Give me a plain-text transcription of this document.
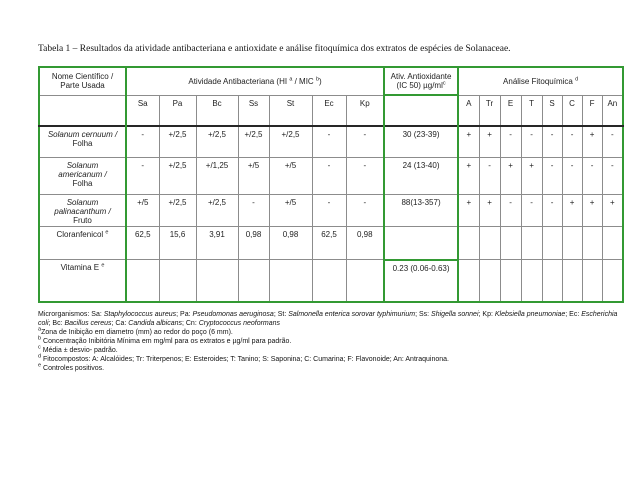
Tabela 1 – Resultados da atividade antibacteriana e antioxidate e análise fitoquímica dos extratos de espécies de Solanaceae.
Nome Científico /
Parte Usada	Atividade Antibacteriana (HI $^a$ / MIC $^b$)							Ativ. Antioxidante
(IC 50) $\mu g/ml^c$	Análise Fitoquímica $^d$
	Sa	Pa	Bc	Ss	St	Ec	Kp		A	Tr	E	T	S	C	F	An
Solanum cernuum /
Folha	-	+/2,5	+/2,5	+/2,5	+/2,5	-	-	30 (23-39)	+	+	-	-	-	-	+	-
Solanum
americanum /
Folha	-	+/2,5	+/1,25	+/5	+/5	-	-	24 (13-40)	+	-	+	+	-	-	-	-
Solanum
palinacanthum /
Fruto	+/5	+/2,5	+/2,5	-	+/5	-	-	88(13-357)	+	+	-	-	-	+	+	+
Cloranfenicol $^e$	62,5	15,6	3,91	0,98	0,98	62,5	0,98									
Vitamina E $^e$								0.23 (0.06-0.63)								
Microrganismos: Sa: Staphylococcus aureus; Pa: Pseudomonas aeruginosa; St: Salmonella enterica sorovar typhimurium; Ss: Shigella sonnei; Kp: Klebsiella pneumoniae; Ec: Escherichia coli; Bc: Bacillus cereus; Ca: Candida albicans; Cn: Cryptococcus neoformans
$^a$Zona de Inibição em diametro (mm) ao redor do poço (6 mm).
$^b$ Concentração Inibitória Mínima em mg/ml para os extratos e µg/ml para padrão.
$^c$ Média ± desvio- padrão.
$^d$ Fitocompostos: A: Alcalóides; Tr: Triterpenos; E: Esteroides; T: Tanino; S: Saponina; C: Cumarina; F: Flavonoide; An: Antraquinona.
$^e$ Controles positivos.
